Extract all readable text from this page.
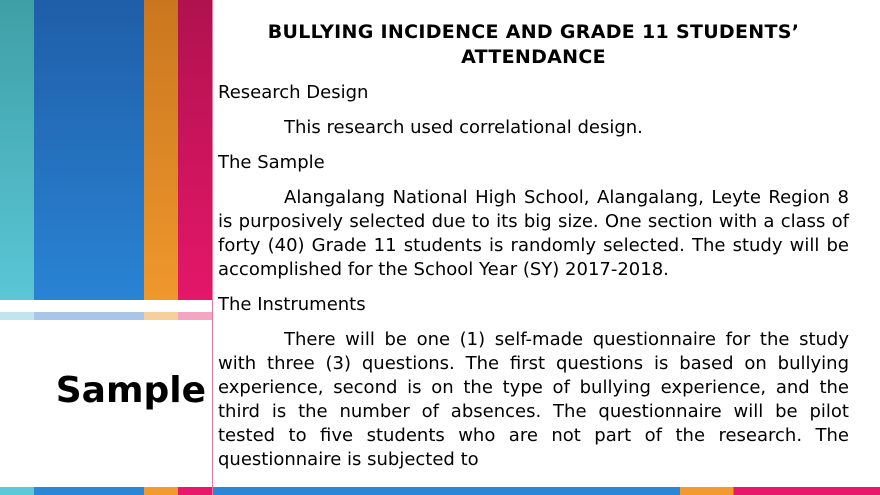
Sample
BULLYING INCIDENCE AND GRADE 11 STUDENTS’ ATTENDANCE
Research Design
This research used correlational design.
The Sample
Alangalang National High School, Alangalang, Leyte Region 8 is purposively selected due to its big size. One section with a class of forty (40) Grade 11 students is randomly selected. The study will be accomplished for the School Year (SY) 2017-2018.
The Instruments
There will be one (1) self-made questionnaire for the study with three (3) questions. The first questions is based on bullying experience, second is on the type of bullying experience, and the third is the number of absences. The questionnaire will be pilot tested to five students who are not part of the research. The questionnaire is subjected to
